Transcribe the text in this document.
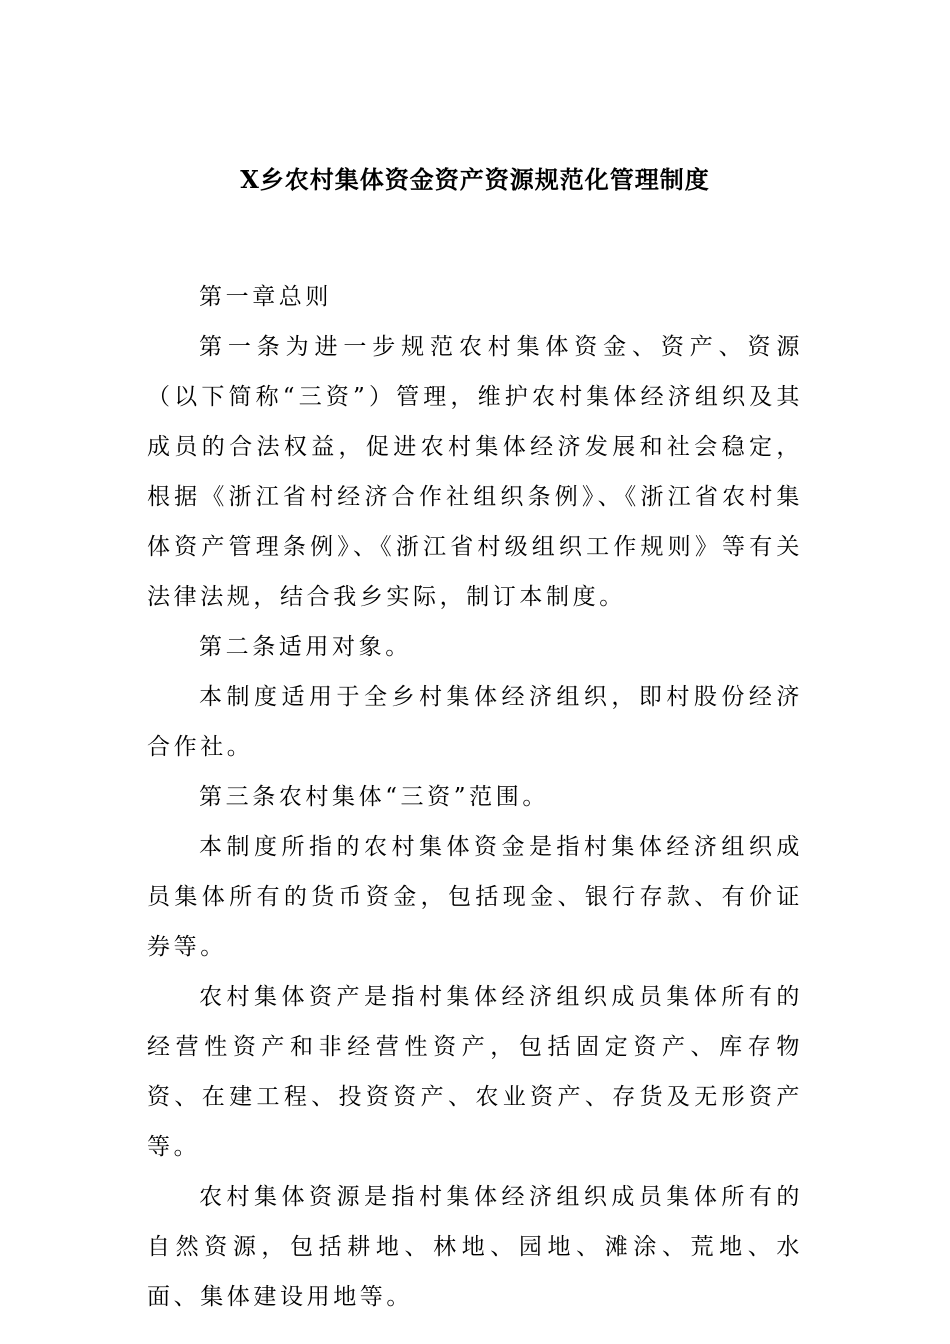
X乡农村集体资金资产资源规范化管理制度

第一章总则

第一条为进一步规范农村集体资金、资产、资源（以下简称“三资”）管理，维护农村集体经济组织及其成员的合法权益，促进农村集体经济发展和社会稳定，根据《浙江省村经济合作社组织条例》、《浙江省农村集体资产管理条例》、《浙江省村级组织工作规则》等有关法律法规，结合我乡实际，制订本制度。

第二条适用对象。

本制度适用于全乡村集体经济组织，即村股份经济合作社。

第三条农村集体“三资”范围。

本制度所指的农村集体资金是指村集体经济组织成员集体所有的货币资金，包括现金、银行存款、有价证券等。

农村集体资产是指村集体经济组织成员集体所有的经营性资产和非经营性资产，包括固定资产、库存物资、在建工程、投资资产、农业资产、存货及无形资产等。

农村集体资源是指村集体经济组织成员集体所有的自然资源，包括耕地、林地、园地、滩涂、荒地、水面、集体建设用地等。
